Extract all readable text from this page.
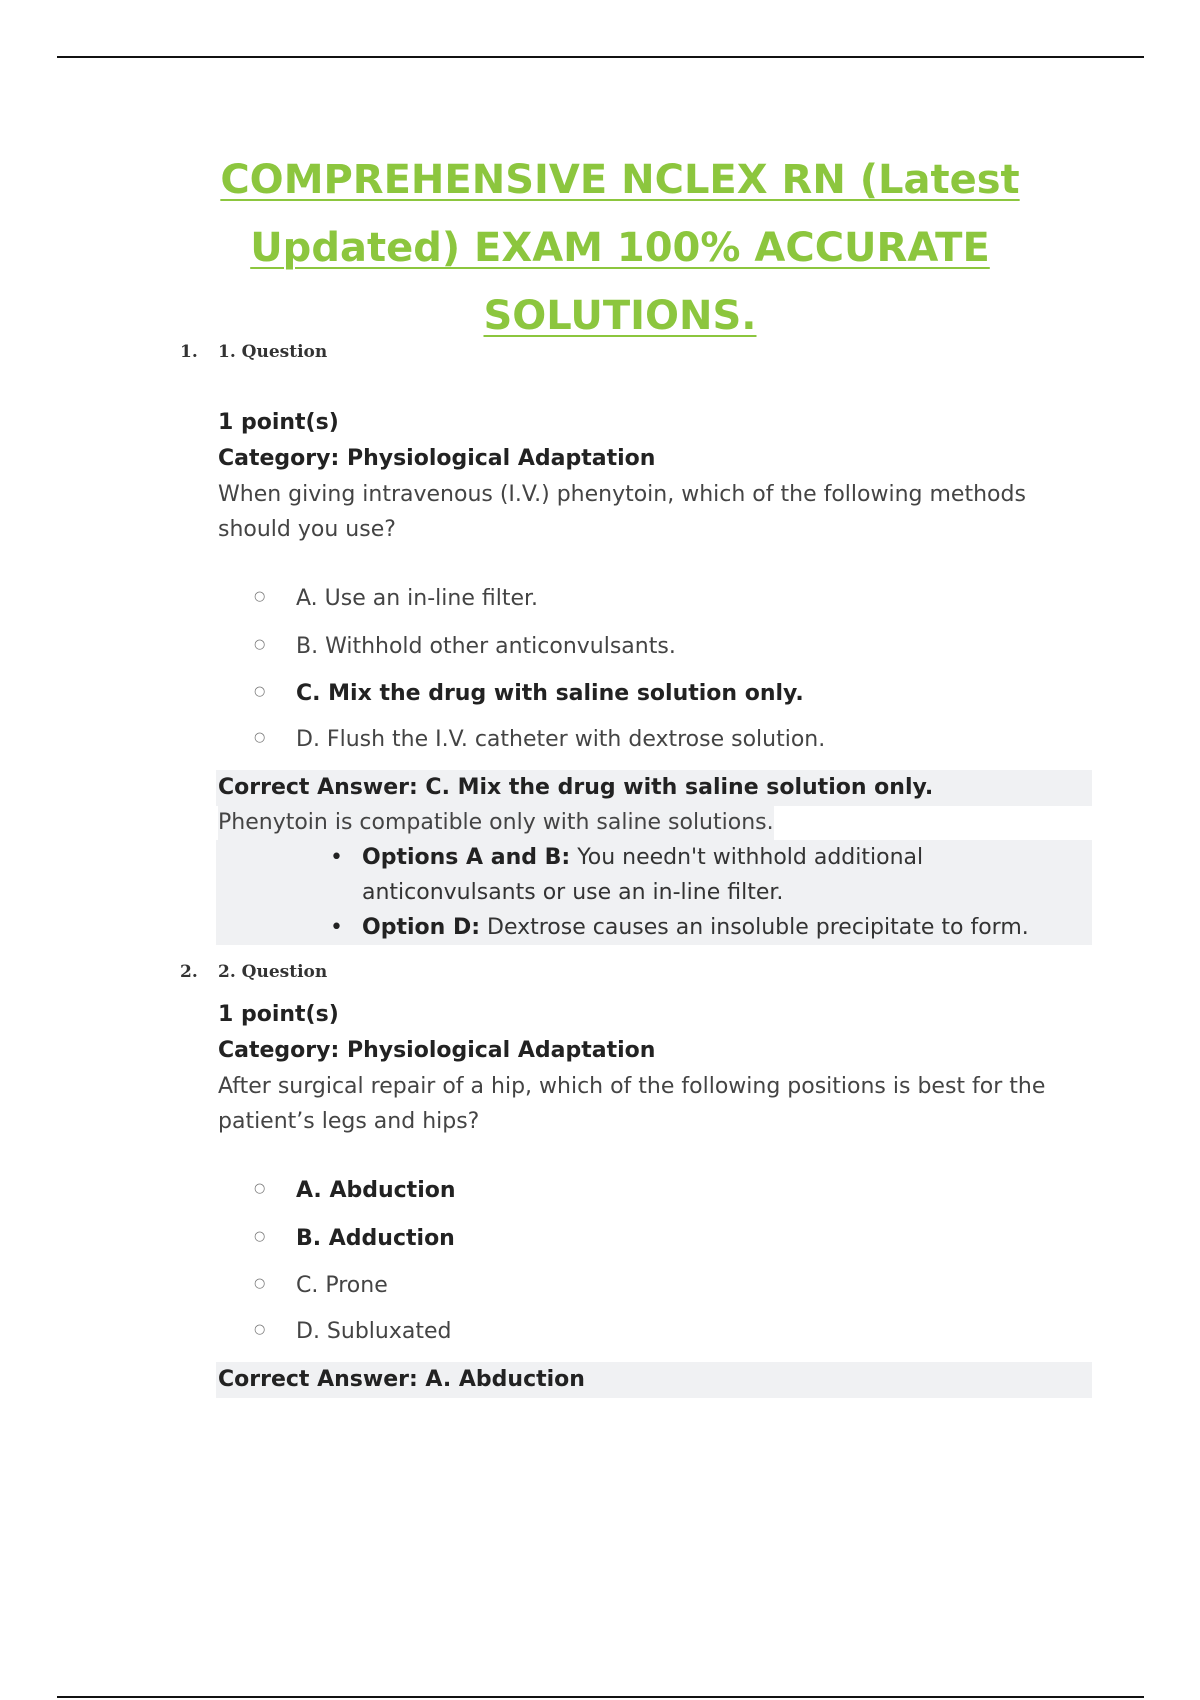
COMPREHENSIVE NCLEX RN (Latest Updated) EXAM 100% ACCURATE SOLUTIONS.
1. 1. Question
1 point(s)
Category: Physiological Adaptation
When giving intravenous (I.V.) phenytoin, which of the following methods should you use?
○ A. Use an in-line filter.
○ B. Withhold other anticonvulsants.
○ C. Mix the drug with saline solution only.
○ D. Flush the I.V. catheter with dextrose solution.
Correct Answer: C. Mix the drug with saline solution only.
Phenytoin is compatible only with saline solutions.
• Options A and B: You needn't withhold additional anticonvulsants or use an in-line filter.
• Option D: Dextrose causes an insoluble precipitate to form.
2. 2. Question
1 point(s)
Category: Physiological Adaptation
After surgical repair of a hip, which of the following positions is best for the patient’s legs and hips?
○ A. Abduction
○ B. Adduction
○ C. Prone
○ D. Subluxated
Correct Answer: A. Abduction
